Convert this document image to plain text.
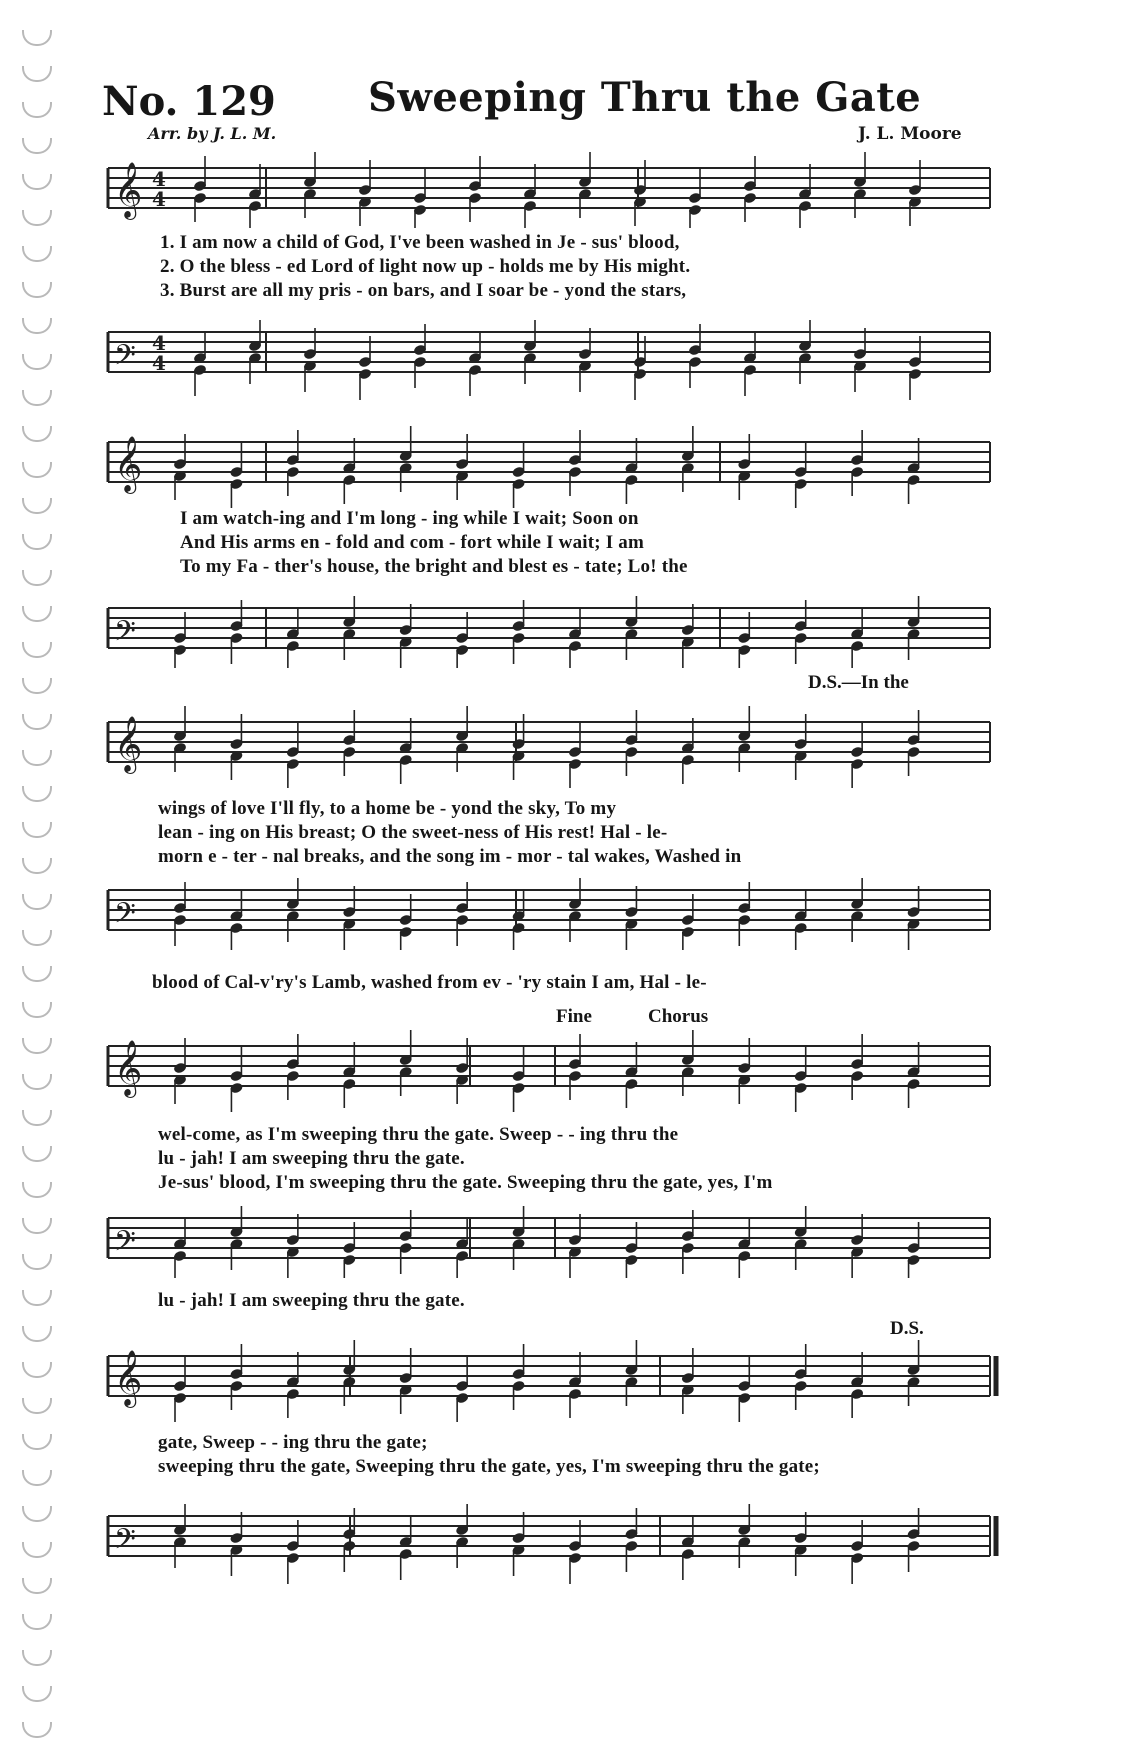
No. 129 Sweeping Thru the Gate
Arr. by J. L. M.	J. L. Moore
𝄞 4
4
1. I am now a child of God, I've been washed in Je - sus' blood,
2. O the bless - ed Lord of light now up - holds me by His might.
3. Burst are all my pris - on bars, and I soar be - yond the stars,
𝄢 4
4
𝄞
I am watch-ing and I'm long - ing while I wait; Soon on
And His arms en - fold and com - fort while I wait; I am
To my Fa - ther's house, the bright and blest es - tate; Lo! the
𝄢
D.S.—In the
𝄞
wings of love I'll fly, to a home be - yond the sky, To my
lean - ing on His breast; O the sweet-ness of His rest! Hal - le-
morn e - ter - nal breaks, and the song im - mor - tal wakes, Washed in
𝄢
blood of Cal-v'ry's Lamb, washed from ev - 'ry stain I am, Hal - le-
Fine	Chorus
𝄞
wel-come, as I'm sweeping thru the gate. Sweep - - ing thru the
lu - jah! I am sweeping thru the gate.
Je-sus' blood, I'm sweeping thru the gate. Sweeping thru the gate, yes, I'm
𝄢
lu - jah! I am sweeping thru the gate.
D.S.
𝄞
gate, Sweep - - ing thru the gate;
sweeping thru the gate, Sweeping thru the gate, yes, I'm sweeping thru the gate;
𝄢
